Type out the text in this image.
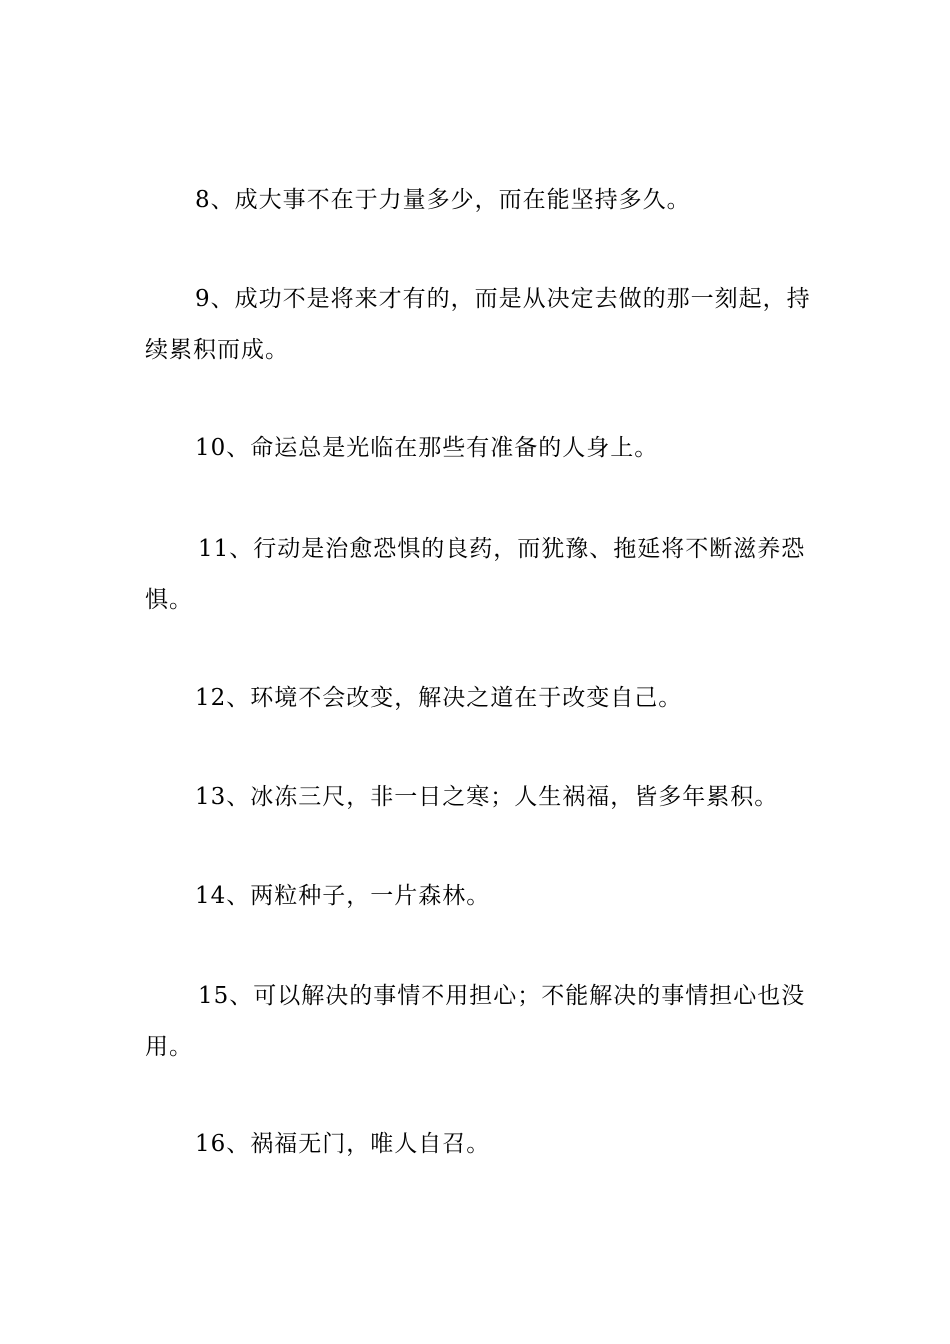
8、成大事不在于力量多少，而在能坚持多久。

9、成功不是将来才有的，而是从决定去做的那一刻起，持续累积而成。

10、命运总是光临在那些有准备的人身上。

11、行动是治愈恐惧的良药，而犹豫、拖延将不断滋养恐惧。

12、环境不会改变，解决之道在于改变自己。

13、冰冻三尺，非一日之寒；人生祸福，皆多年累积。

14、两粒种子，一片森林。

15、可以解决的事情不用担心；不能解决的事情担心也没用。

16、祸福无门，唯人自召。
